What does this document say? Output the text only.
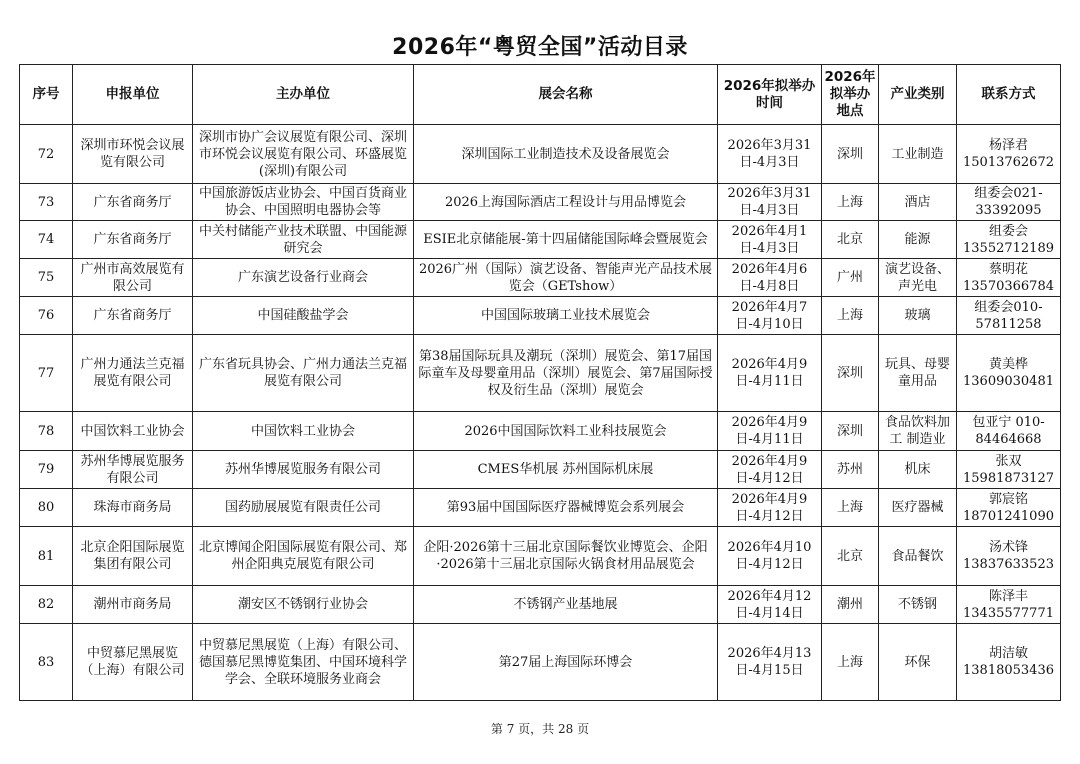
2026年“粤贸全国”活动目录
序号	申报单位	主办单位	展会名称	2026年拟举办时间	2026年拟举办地点	产业类别	联系方式
72	深圳市环悦会议展览有限公司	深圳市协广会议展览有限公司、深圳市环悦会议展览有限公司、环盛展览(深圳)有限公司	深圳国际工业制造技术及设备展览会	2026年3月31日-4月3日	深圳	工业制造	杨泽君 15013762672
73	广东省商务厅	中国旅游饭店业协会、中国百货商业协会、中国照明电器协会等	2026上海国际酒店工程设计与用品博览会	2026年3月31日-4月3日	上海	酒店	组委会021-33392095
74	广东省商务厅	中关村储能产业技术联盟、中国能源研究会	ESIE北京储能展-第十四届储能国际峰会暨展览会	2026年4月1日-4月3日	北京	能源	组委会 13552712189
75	广州市高效展览有限公司	广东演艺设备行业商会	2026广州（国际）演艺设备、智能声光产品技术展览会（GETshow）	2026年4月6日-4月8日	广州	演艺设备、声光电	蔡明花 13570366784
76	广东省商务厅	中国硅酸盐学会	中国国际玻璃工业技术展览会	2026年4月7日-4月10日	上海	玻璃	组委会010-57811258
77	广州力通法兰克福展览有限公司	广东省玩具协会、广州力通法兰克福展览有限公司	第38届国际玩具及潮玩（深圳）展览会、第17届国际童车及母婴童用品（深圳）展览会、第7届国际授权及衍生品（深圳）展览会	2026年4月9日-4月11日	深圳	玩具、母婴童用品	黄美桦 13609030481
78	中国饮料工业协会	中国饮料工业协会	2026中国国际饮料工业科技展览会	2026年4月9日-4月11日	深圳	食品饮料加工 制造业	包亚宁 010-84464668
79	苏州华博展览服务有限公司	苏州华博展览服务有限公司	CMES华机展 苏州国际机床展	2026年4月9日-4月12日	苏州	机床	张双 15981873127
80	珠海市商务局	国药励展展览有限责任公司	第93届中国国际医疗器械博览会系列展会	2026年4月9日-4月12日	上海	医疗器械	郭宸铭 18701241090
81	北京企阳国际展览集团有限公司	北京博闻企阳国际展览有限公司、郑州企阳典克展览有限公司	企阳·2026第十三届北京国际餐饮业博览会、企阳·2026第十三届北京国际火锅食材用品展览会	2026年4月10日-4月12日	北京	食品餐饮	汤术锋 13837633523
82	潮州市商务局	潮安区不锈钢行业协会	不锈钢产业基地展	2026年4月12日-4月14日	潮州	不锈钢	陈泽丰 13435577771
83	中贸慕尼黑展览（上海）有限公司	中贸慕尼黑展览（上海）有限公司、德国慕尼黑博览集团、中国环境科学学会、全联环境服务业商会	第27届上海国际环博会	2026年4月13日-4月15日	上海	环保	胡洁敏 13818053436
第 7 页，共 28 页
